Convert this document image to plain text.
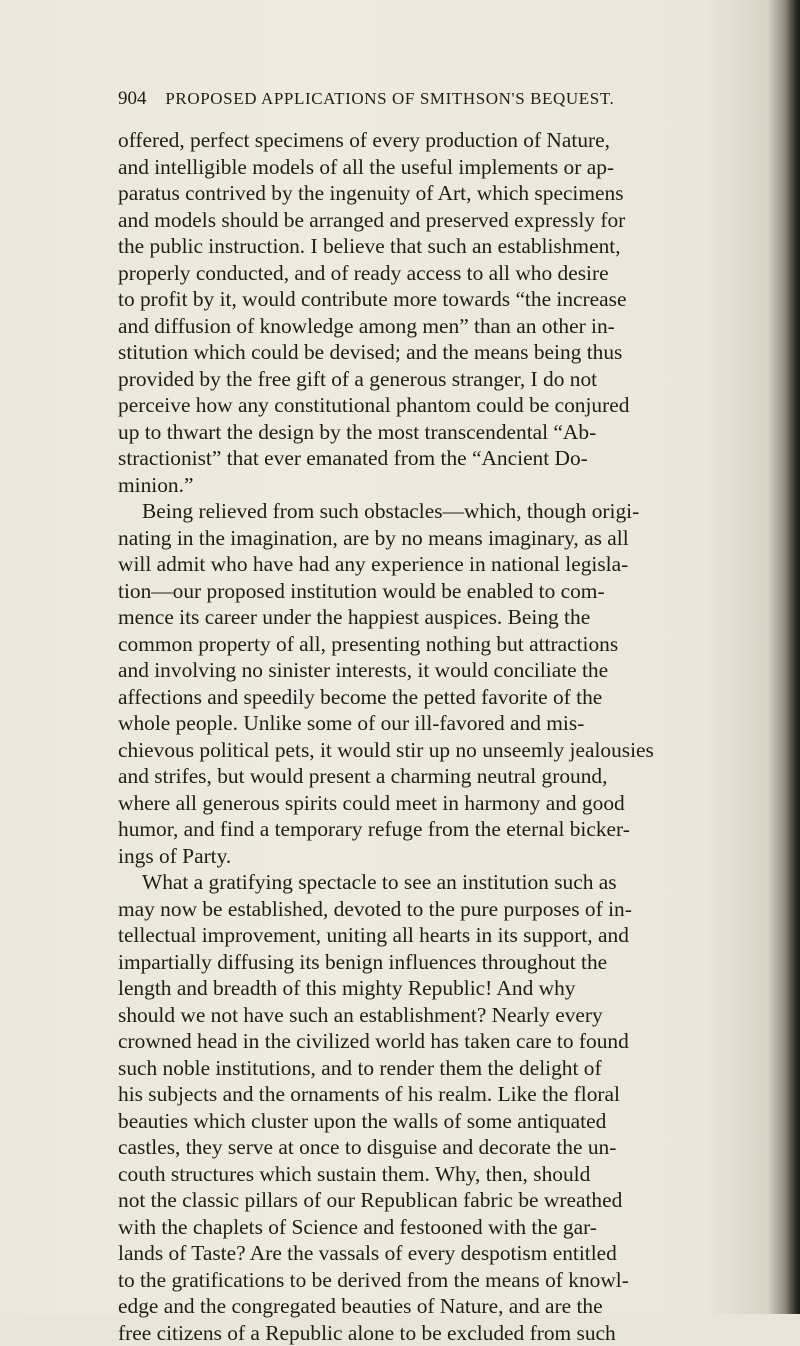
904 PROPOSED APPLICATIONS OF SMITHSON'S BEQUEST.
offered, perfect specimens of every production of Nature,
and intelligible models of all the useful implements or ap-
paratus contrived by the ingenuity of Art, which specimens
and models should be arranged and preserved expressly for
the public instruction. I believe that such an establishment,
properly conducted, and of ready access to all who desire
to profit by it, would contribute more towards “the increase
and diffusion of knowledge among men” than an other in-
stitution which could be devised; and the means being thus
provided by the free gift of a generous stranger, I do not
perceive how any constitutional phantom could be conjured
up to thwart the design by the most transcendental “Ab-
stractionist” that ever emanated from the “Ancient Do-
minion.”
Being relieved from such obstacles—which, though origi-
nating in the imagination, are by no means imaginary, as all
will admit who have had any experience in national legisla-
tion—our proposed institution would be enabled to com-
mence its career under the happiest auspices. Being the
common property of all, presenting nothing but attractions
and involving no sinister interests, it would conciliate the
affections and speedily become the petted favorite of the
whole people. Unlike some of our ill-favored and mis-
chievous political pets, it would stir up no unseemly jealousies
and strifes, but would present a charming neutral ground,
where all generous spirits could meet in harmony and good
humor, and find a temporary refuge from the eternal bicker-
ings of Party.
What a gratifying spectacle to see an institution such as
may now be established, devoted to the pure purposes of in-
tellectual improvement, uniting all hearts in its support, and
impartially diffusing its benign influences throughout the
length and breadth of this mighty Republic! And why
should we not have such an establishment? Nearly every
crowned head in the civilized world has taken care to found
such noble institutions, and to render them the delight of
his subjects and the ornaments of his realm. Like the floral
beauties which cluster upon the walls of some antiquated
castles, they serve at once to disguise and decorate the un-
couth structures which sustain them. Why, then, should
not the classic pillars of our Republican fabric be wreathed
with the chaplets of Science and festooned with the gar-
lands of Taste? Are the vassals of every despotism entitled
to the gratifications to be derived from the means of knowl-
edge and the congregated beauties of Nature, and are the
free citizens of a Republic alone to be excluded from such
